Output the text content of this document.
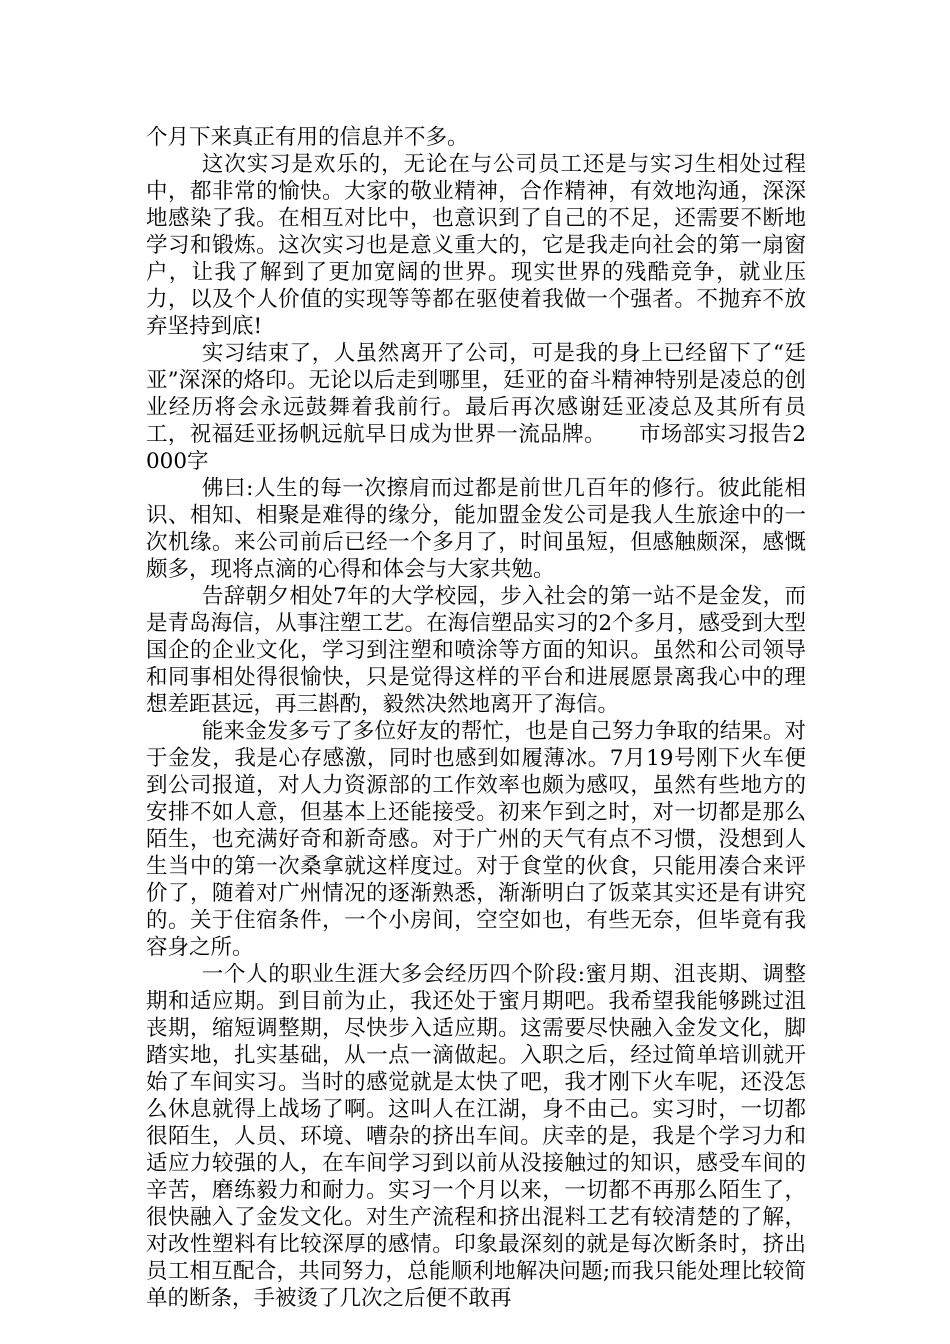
个月下来真正有用的信息并不多。

这次实习是欢乐的，无论在与公司员工还是与实习生相处过程中，都非常的愉快。大家的敬业精神，合作精神，有效地沟通，深深地感染了我。在相互对比中，也意识到了自己的不足，还需要不断地学习和锻炼。这次实习也是意义重大的，它是我走向社会的第一扇窗户，让我了解到了更加宽阔的世界。现实世界的残酷竞争，就业压力，以及个人价值的实现等等都在驱使着我做一个强者。不抛弃不放弃坚持到底!

实习结束了，人虽然离开了公司，可是我的身上已经留下了“廷亚”深深的烙印。无论以后走到哪里，廷亚的奋斗精神特别是凌总的创业经历将会永远鼓舞着我前行。最后再次感谢廷亚凌总及其所有员工，祝福廷亚扬帆远航早日成为世界一流品牌。　　市场部实习报告2000字

佛曰:人生的每一次擦肩而过都是前世几百年的修行。彼此能相识、相知、相聚是难得的缘分，能加盟金发公司是我人生旅途中的一次机缘。来公司前后已经一个多月了，时间虽短，但感触颇深，感慨颇多，现将点滴的心得和体会与大家共勉。

告辞朝夕相处7年的大学校园，步入社会的第一站不是金发，而是青岛海信，从事注塑工艺。在海信塑品实习的2个多月，感受到大型国企的企业文化，学习到注塑和喷涂等方面的知识。虽然和公司领导和同事相处得很愉快，只是觉得这样的平台和进展愿景离我心中的理想差距甚远，再三斟酌，毅然决然地离开了海信。

能来金发多亏了多位好友的帮忙，也是自己努力争取的结果。对于金发，我是心存感激，同时也感到如履薄冰。7月19号刚下火车便到公司报道，对人力资源部的工作效率也颇为感叹，虽然有些地方的安排不如人意，但基本上还能接受。初来乍到之时，对一切都是那么陌生，也充满好奇和新奇感。对于广州的天气有点不习惯，没想到人生当中的第一次桑拿就这样度过。对于食堂的伙食，只能用凑合来评价了，随着对广州情况的逐渐熟悉，渐渐明白了饭菜其实还是有讲究的。关于住宿条件，一个小房间，空空如也，有些无奈，但毕竟有我容身之所。

一个人的职业生涯大多会经历四个阶段:蜜月期、沮丧期、调整期和适应期。到目前为止，我还处于蜜月期吧。我希望我能够跳过沮丧期，缩短调整期，尽快步入适应期。这需要尽快融入金发文化，脚踏实地，扎实基础，从一点一滴做起。入职之后，经过简单培训就开始了车间实习。当时的感觉就是太快了吧，我才刚下火车呢，还没怎么休息就得上战场了啊。这叫人在江湖，身不由己。实习时，一切都很陌生，人员、环境、嘈杂的挤出车间。庆幸的是，我是个学习力和适应力较强的人，在车间学习到以前从没接触过的知识，感受车间的辛苦，磨练毅力和耐力。实习一个月以来，一切都不再那么陌生了，很快融入了金发文化。对生产流程和挤出混料工艺有较清楚的了解，对改性塑料有比较深厚的感情。印象最深刻的就是每次断条时，挤出员工相互配合，共同努力，总能顺利地解决问题;而我只能处理比较简单的断条，手被烫了几次之后便不敢再
